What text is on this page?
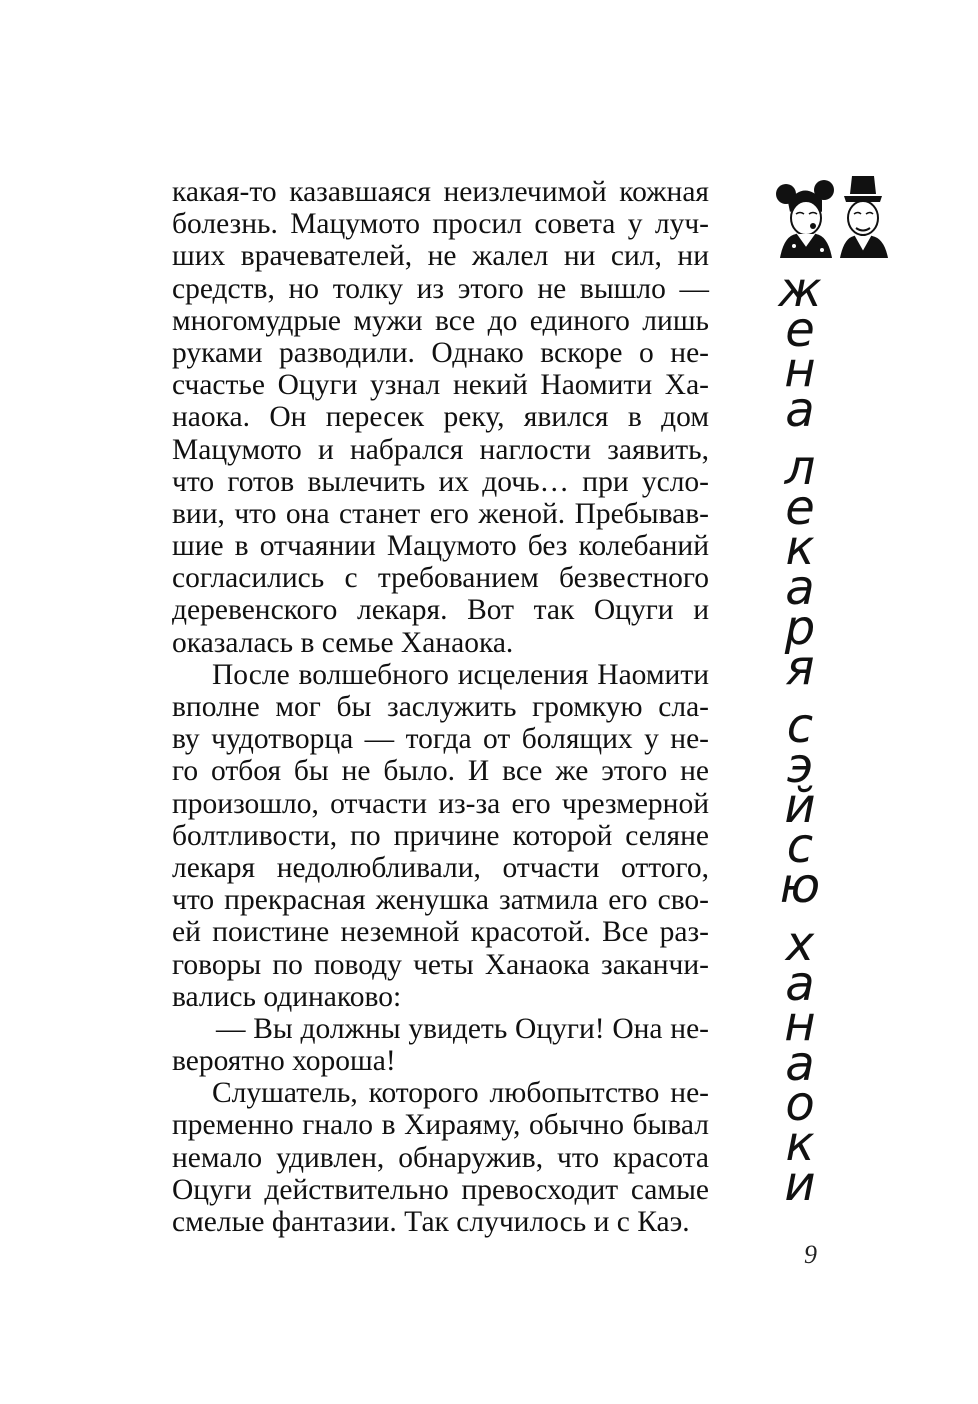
ж
е
н
а
л
е
к
а
р
я
с
э
й
с
ю
х
а
н
а
о
к
и
какая-то казавшаяся неизлечимой кожная
болезнь. Мацумото просил совета у луч-
ших врачевателей, не жалел ни сил, ни
средств, но толку из этого не вышло —
многомудрые мужи все до единого лишь
руками разводили. Однако вскоре о не-
счастье Оцуги узнал некий Наомити Ха-
наока. Он пересек реку, явился в дом
Мацумото и набрался наглости заявить,
что готов вылечить их дочь… при усло-
вии, что она станет его женой. Пребывав-
шие в отчаянии Мацумото без колебаний
согласились с требованием безвестного
деревенского лекаря. Вот так Оцуги и
оказалась в семье Ханаока.
После волшебного исцеления Наомити
вполне мог бы заслужить громкую сла-
ву чудотворца — тогда от болящих у не-
го отбоя бы не было. И все же этого не
произошло, отчасти из-за его чрезмерной
болтливости, по причине которой селяне
лекаря недолюбливали, отчасти оттого,
что прекрасная женушка затмила его сво-
ей поистине неземной красотой. Все раз-
говоры по поводу четы Ханаока заканчи-
вались одинаково:
— Вы должны увидеть Оцуги! Она не-
вероятно хороша!
Слушатель, которого любопытство не-
пременно гнало в Хираяму, обычно бывал
немало удивлен, обнаружив, что красота
Оцуги действительно превосходит самые
смелые фантазии. Так случилось и с Каэ.
9
